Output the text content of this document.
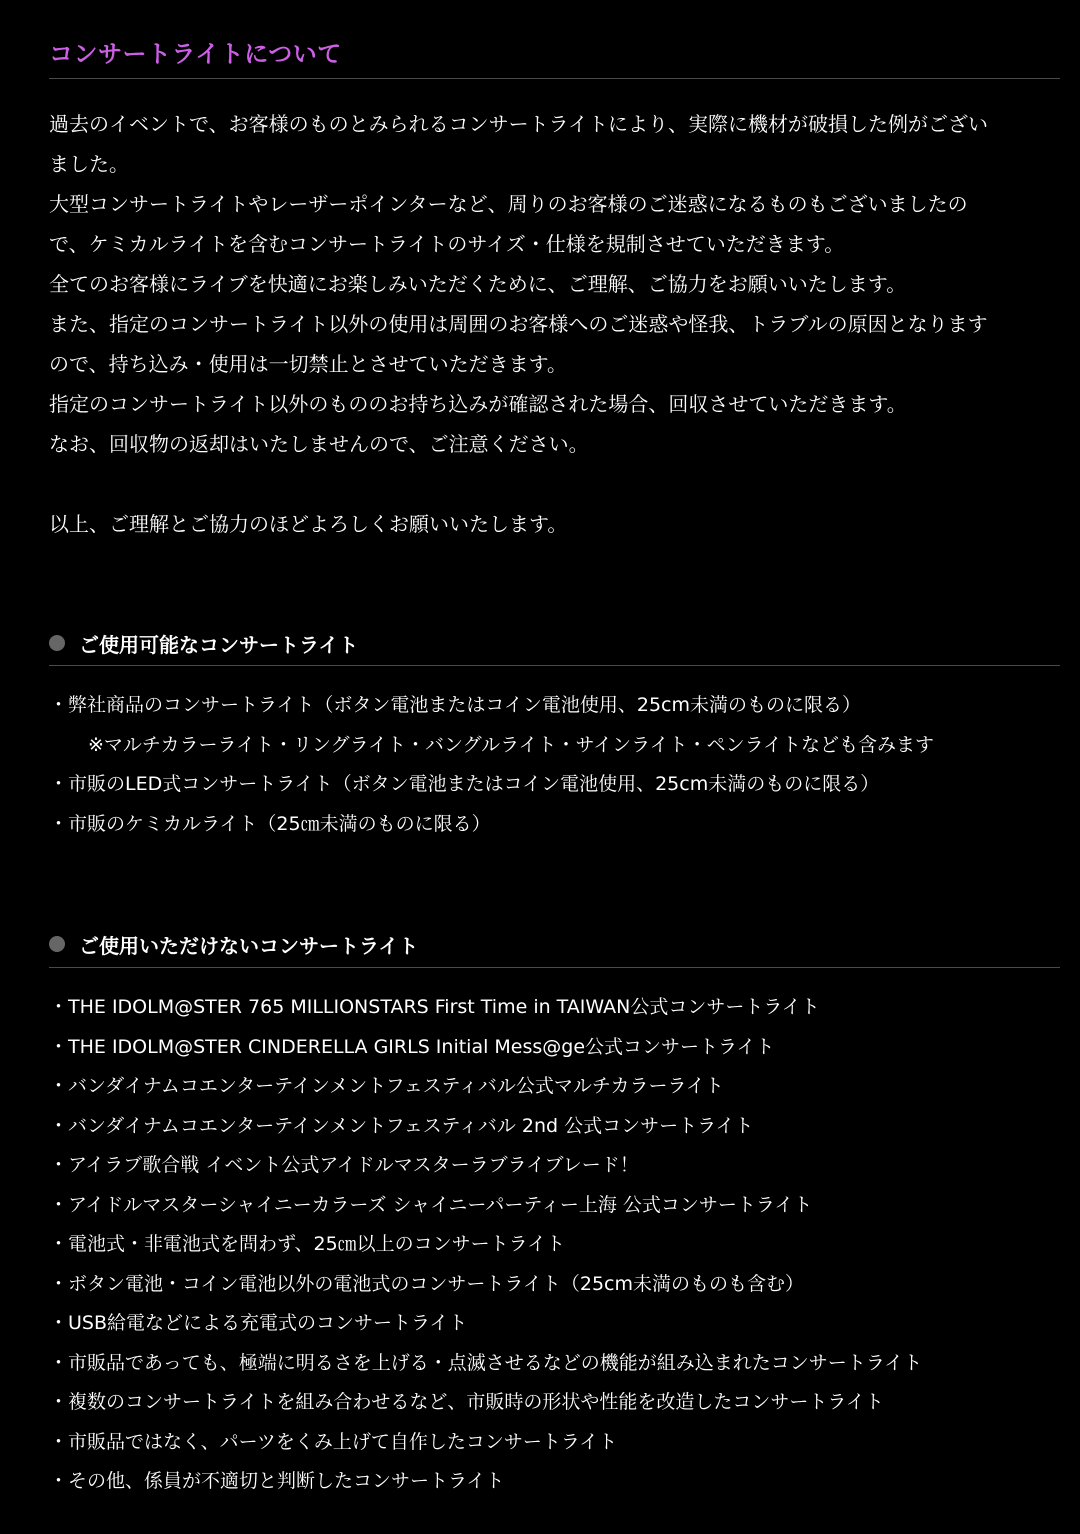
コンサートライトについて

過去のイベントで、お客様のものとみられるコンサートライトにより、実際に機材が破損した例がござい

ました。

大型コンサートライトやレーザーポインターなど、周りのお客様のご迷惑になるものもございましたの

で、ケミカルライトを含むコンサートライトのサイズ・仕様を規制させていただきます。

全てのお客様にライブを快適にお楽しみいただくために、ご理解、ご協力をお願いいたします。

また、指定のコンサートライト以外の使用は周囲のお客様へのご迷惑や怪我、トラブルの原因となります

ので、持ち込み・使用は一切禁止とさせていただきます。

指定のコンサートライト以外のもののお持ち込みが確認された場合、回収させていただきます。

なお、回収物の返却はいたしませんので、ご注意ください。

以上、ご理解とご協力のほどよろしくお願いいたします。

ご使用可能なコンサートライト
・ 弊社商品のコンサートライト（ボタン電池またはコイン電池使用、25cm未満のものに限る）
※マルチカラーライト・リングライト・バングルライト・サインライト・ペンライトなども含みます
・ 市販のLED式コンサートライト（ボタン電池またはコイン電池使用、25cm未満のものに限る）
・ 市販のケミカルライト（25㎝未満のものに限る）
ご使用いただけないコンサートライト
・ THE IDOLM@STER 765 MILLIONSTARS First Time in TAIWAN公式コンサートライト
・ THE IDOLM@STER CINDERELLA GIRLS Initial Mess@ge公式コンサートライト
・ バンダイナムコエンターテインメントフェスティバル公式マルチカラーライト
・ バンダイナムコエンターテインメントフェスティバル 2nd 公式コンサートライト
・ アイラブ歌合戦 イベント公式アイドルマスターラブライブレード！
・ アイドルマスターシャイニーカラーズ シャイニーパーティー上海 公式コンサートライト
・ 電池式・非電池式を問わず、25㎝以上のコンサートライト
・ ボタン電池・コイン電池以外の電池式のコンサートライト（25cm未満のものも含む）
・ USB給電などによる充電式のコンサートライト
・ 市販品であっても、極端に明るさを上げる・点滅させるなどの機能が組み込まれたコンサートライト
・ 複数のコンサートライトを組み合わせるなど、市販時の形状や性能を改造したコンサートライト
・ 市販品ではなく、パーツをくみ上げて自作したコンサートライト
・ その他、係員が不適切と判断したコンサートライト
